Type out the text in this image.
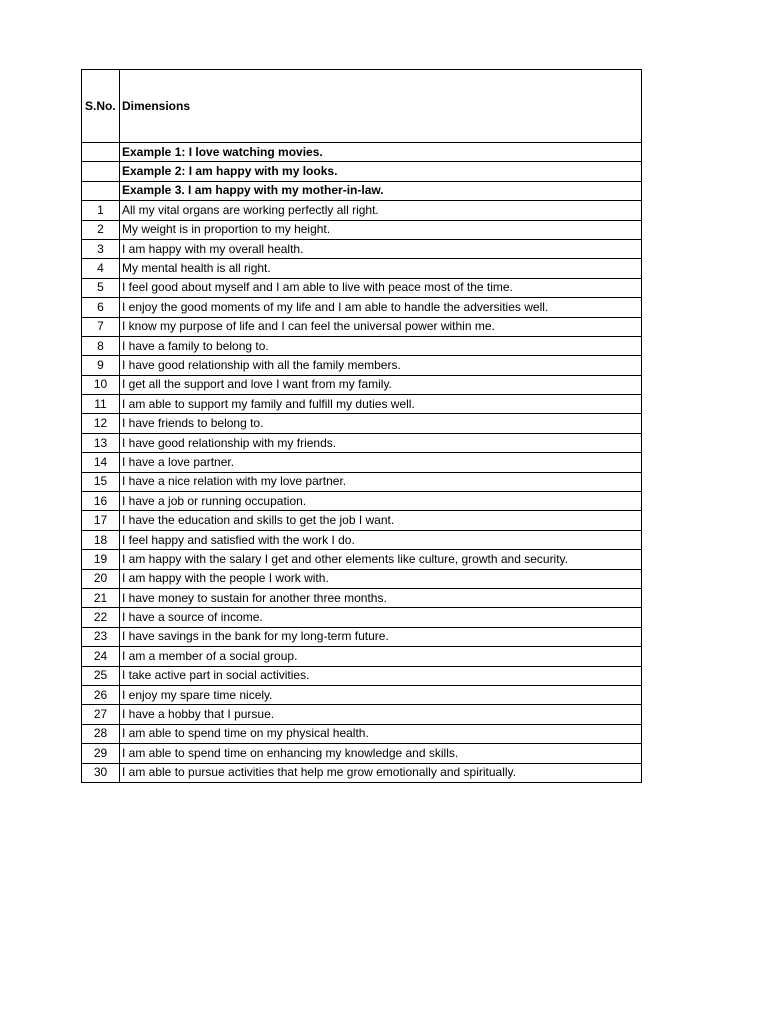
S.No.	Dimensions
	Example 1: I love watching movies.
	Example 2: I am happy with my looks.
	Example 3. I am happy with my mother-in-law.
1	All my vital organs are working perfectly all right.
2	My weight is in proportion to my height.
3	I am happy with my overall health.
4	My mental health is all right.
5	I feel good about myself and I am able to live with peace most of the time.
6	I enjoy the good moments of my life and I am able to handle the adversities well.
7	I know my purpose of life and I can feel the universal power within me.
8	I have a family to belong to.
9	I have good relationship with all the family members.
10	I get all the support and love I want from my family.
11	I am able to support my family and fulfill my duties well.
12	I have friends to belong to.
13	I have good relationship with my friends.
14	I have a love partner.
15	I have a nice relation with my love partner.
16	I have a job or running occupation.
17	I have the education and skills to get the job I want.
18	I feel happy and satisfied with the work I do.
19	I am happy with the salary I get and other elements like culture, growth and security.
20	I am happy with the people I work with.
21	I have money to sustain for another three months.
22	I have a source of income.
23	I have savings in the bank for my long-term future.
24	I am a member of a social group.
25	I take active part in social activities.
26	I enjoy my spare time nicely.
27	I have a hobby that I pursue.
28	I am able to spend time on my physical health.
29	I am able to spend time on enhancing my knowledge and skills.
30	I am able to pursue activities that help me grow emotionally and spiritually.
